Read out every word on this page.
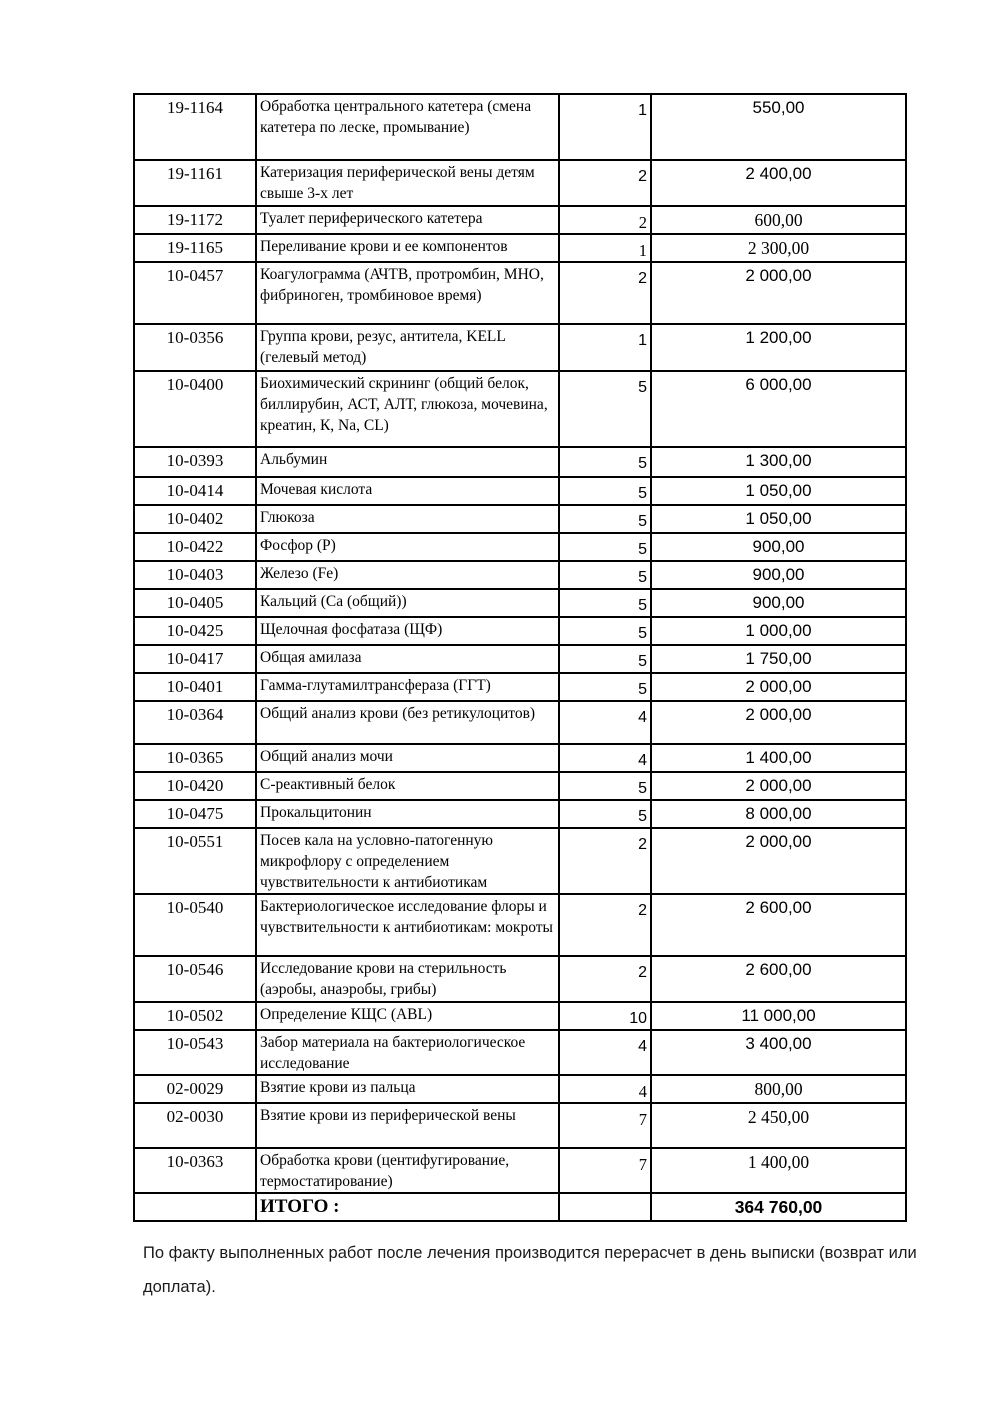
19-1164	Обработка центрального катетера (смена катетера по леске, промывание)	1	550,00
19-1161	Катеризация периферической вены детям свыше 3-х лет	2	2 400,00
19-1172	Туалет периферического катетера	2	600,00
19-1165	Переливание крови и ее компонентов	1	2 300,00
10-0457	Коагулограмма (АЧТВ, протромбин, МНО, фибриноген, тромбиновое время)	2	2 000,00
10-0356	Группа крови, резус, антитела, KELL (гелевый метод)	1	1 200,00
10-0400	Биохимический скрининг (общий белок, биллирубин, АСТ, АЛТ, глюкоза, мочевина, креатин, К, Na, CL)	5	6 000,00
10-0393	Альбумин	5	1 300,00
10-0414	Мочевая кислота	5	1 050,00
10-0402	Глюкоза	5	1 050,00
10-0422	Фосфор (P)	5	900,00
10-0403	Железо (Fe)	5	900,00
10-0405	Кальций (Ca (общий))	5	900,00
10-0425	Щелочная фосфатаза (ЩФ)	5	1 000,00
10-0417	Общая амилаза	5	1 750,00
10-0401	Гамма-глутамилтрансфераза (ГГТ)	5	2 000,00
10-0364	Общий анализ крови (без ретикулоцитов)	4	2 000,00
10-0365	Общий анализ мочи	4	1 400,00
10-0420	С-реактивный белок	5	2 000,00
10-0475	Прокальцитонин	5	8 000,00
10-0551	Посев кала на условно-патогенную микрофлору с определением чувствительности к антибиотикам	2	2 000,00
10-0540	Бактериологическое исследование флоры и чувствительности к антибиотикам: мокроты	2	2 600,00
10-0546	Исследование крови на стерильность (аэробы, анаэробы, грибы)	2	2 600,00
10-0502	Определение КЩС (ABL)	10	11 000,00
10-0543	Забор материала на бактериологическое исследование	4	3 400,00
02-0029	Взятие крови из пальца	4	800,00
02-0030	Взятие крови из периферической вены	7	2 450,00
10-0363	Обработка крови (центифугирование, термостатирование)	7	1 400,00
	ИТОГО :		364 760,00
По факту выполненных работ после лечения производится перерасчет в день выписки (возврат или доплата).
